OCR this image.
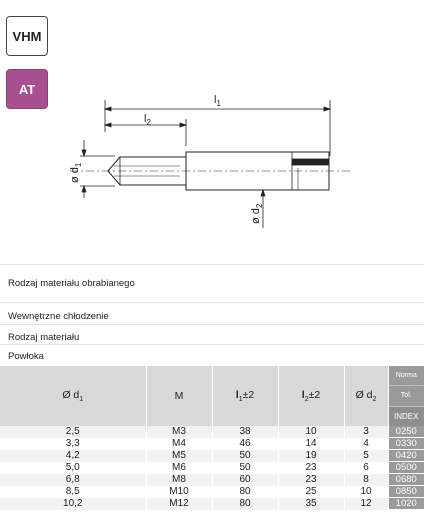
VHM
AT
$l_1$
$l_2$
ø $d_1$
ø $d_2$
Rodzaj materiału obrabianego
Wewnętrzne chłodzenie
Rodzaj materiału
Powłoka
Ø $d_1$	M	$l_1\pm 2$	$l_2\pm 2$	Ø $d_2$	Norma
Tol.
INDEX

2,5	M3	38	10	3	0250
3,3	M4	46	14	4	0330
4,2	M5	50	19	5	0420
5,0	M6	50	23	6	0500
6,8	M8	60	23	8	0680
8,5	M10	80	25	10	0850
10,2	M12	80	35	12	1020
